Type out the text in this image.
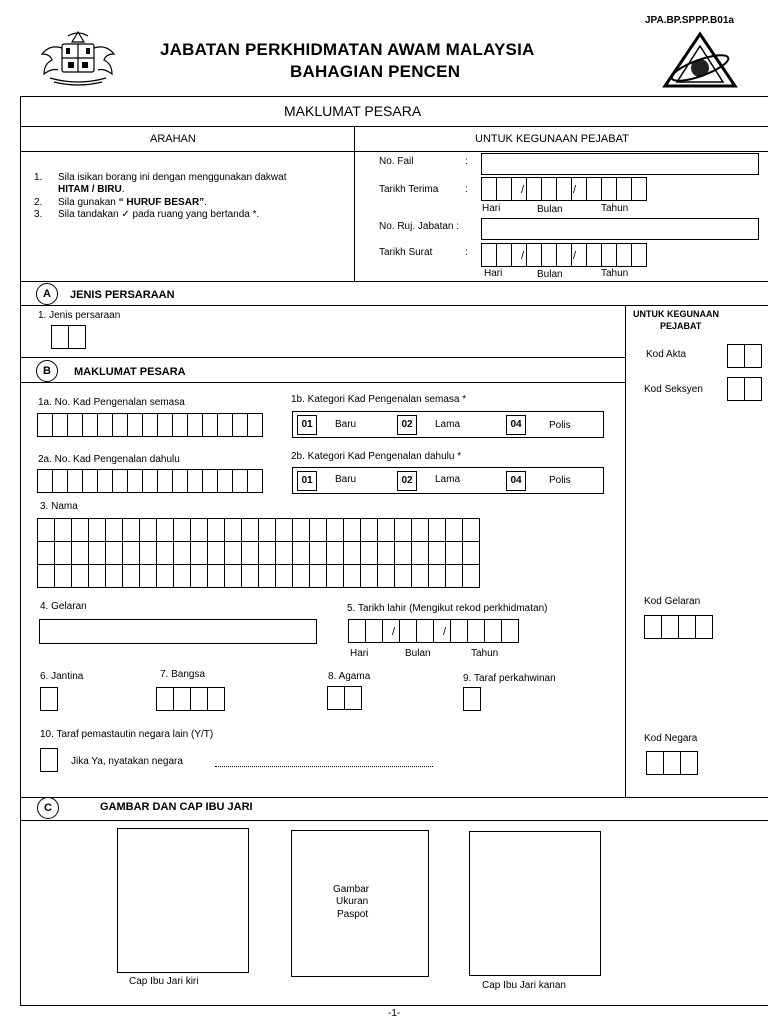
JPA.BP.SPPP.B01a
JABATAN PERKHIDMATAN AWAM MALAYSIA
BAHAGIAN PENCEN
MAKLUMAT PESARA
ARAHAN	UNTUK KEGUNAAN PEJABAT
1. Sila isikan borang ini dengan menggunakan dakwat
HITAM / BIRU.
2. Sila gunakan “ HURUF BESAR”.
3. Sila tandakan ✓ pada ruang yang bertanda *.
No. Fail	:
Tarikh Terima	:	/	/
Hari	Bulan	Tahun
No. Ruj. Jabatan :
Tarikh Surat	:	/	/
Hari	Bulan	Tahun
A	JENIS PERSARAAN
1. Jenis persaraan	UNTUK KEGUNAAN
PEJABAT
Kod Akta
Kod Seksyen
Kod Gelaran
Kod Negara
B	MAKLUMAT PESARA
1a. No. Kad Pengenalan semasa	1b. Kategori Kad Pengenalan semasa *
01	Baru	02	Lama	04	Polis
2a. No. Kad Pengenalan dahulu	2b. Kategori Kad Pengenalan dahulu *
01	Baru	02	Lama	04	Polis
3. Nama
4. Gelaran	5. Tarikh lahir (Mengikut rekod perkhidmatan)
/	/
Hari	Bulan	Tahun
6. Jantina	7. Bangsa	8. Agama	9. Taraf perkahwinan
10. Taraf pemastautin negara lain (Y/T)
Jika Ya, nyatakan negara
C	GAMBAR DAN CAP IBU JARI
Cap Ibu Jari kiri
Gambar
Ukuran
Paspot
Cap Ibu Jari kanan
-1-
